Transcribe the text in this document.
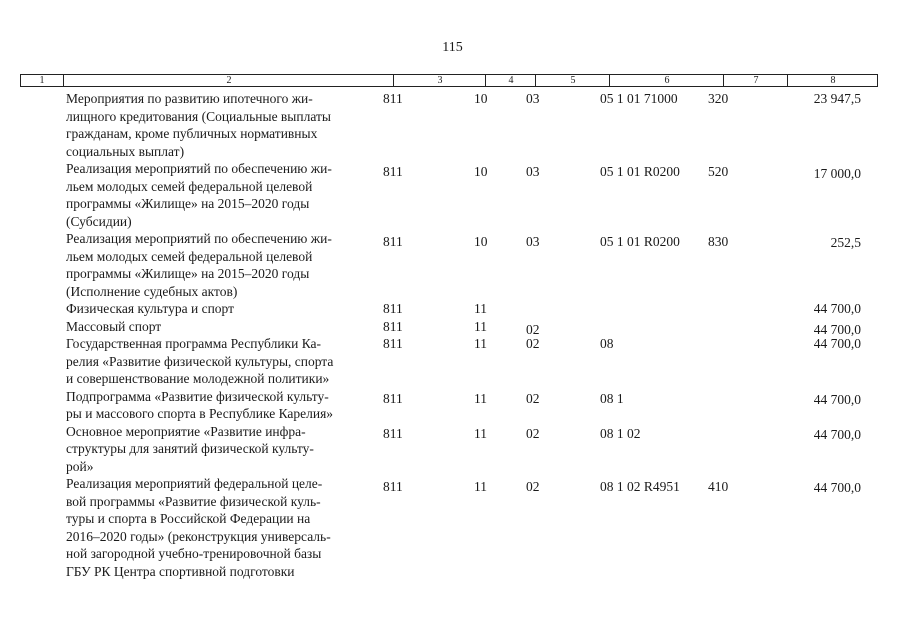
115
1	2	3	4	5	6	7	8
Мероприятия по развитию ипотечного жи-
лищного кредитования (Социальные выплаты
гражданам, кроме публичных нормативных
социальных выплат)
811	10	03	05 1 01 71000 320	23 947,5
Реализация мероприятий по обеспечению жи-
льем молодых семей федеральной целевой
программы «Жилище» на 2015–2020 годы
(Субсидии)
811	10	03	05 1 01 R0200 520	17 000,0
Реализация мероприятий по обеспечению жи-
льем молодых семей федеральной целевой
программы «Жилище» на 2015–2020 годы
(Исполнение судебных актов)
811	10	03	05 1 01 R0200 830	252,5
Физическая культура и спорт	811	11	44 700,0
Массовый спорт	811	11	02	44 700,0
Государственная программа Республики Ка-
релия «Развитие физической культуры, спорта
и совершенствование молодежной политики»
811	11	02	08	44 700,0
Подпрограмма «Развитие физической культу-
ры и массового спорта в Республике Карелия»
811	11	02	08 1	44 700,0
Основное мероприятие «Развитие инфра-
структуры для занятий физической культу-
рой»
811	11	02	08 1 02	44 700,0
Реализация мероприятий федеральной целе-
вой программы «Развитие физической куль-
туры и спорта в Российской Федерации на
2016–2020 годы» (реконструкция универсаль-
ной загородной учебно-тренировочной базы
ГБУ РК Центра спортивной подготовки
811	11	02	08 1 02 R4951 410	44 700,0
